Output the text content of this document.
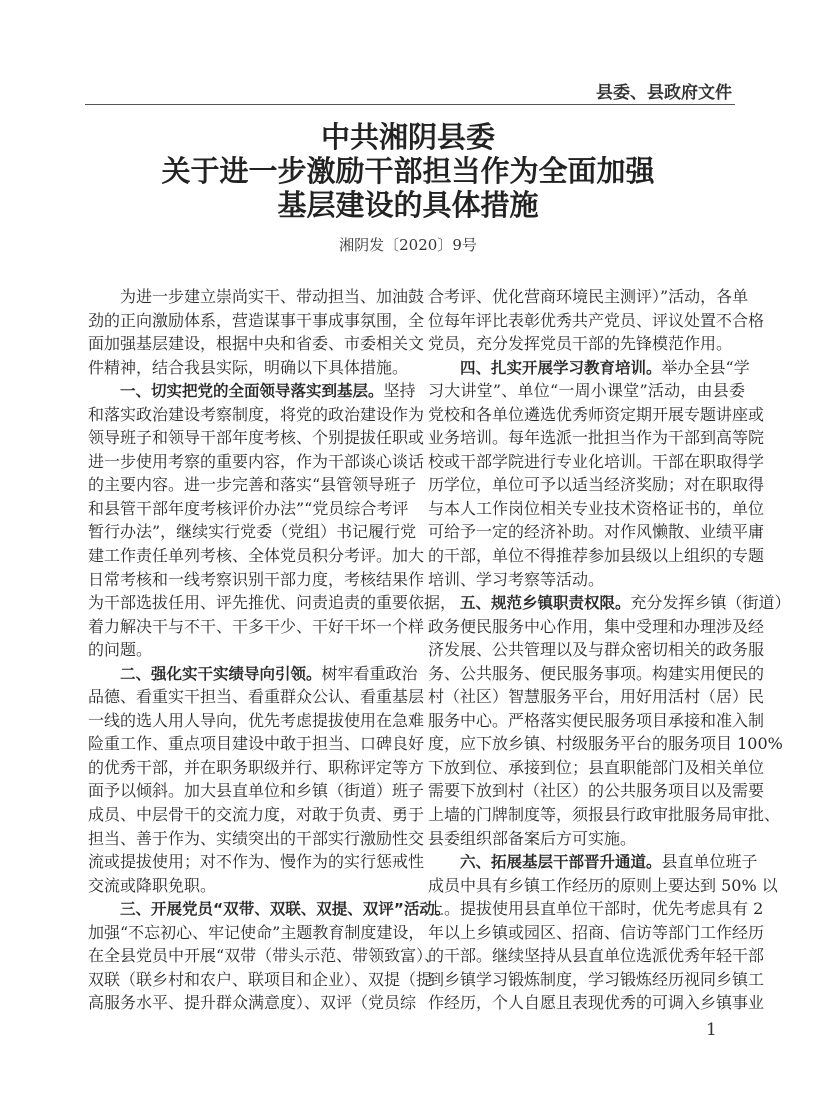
县委、县政府文件
中共湘阴县委
关于进一步激励干部担当作为全面加强
基层建设的具体措施
湘阴发〔2020〕9号
为进一步建立崇尚实干、带动担当、加油鼓
劲的正向激励体系，营造谋事干事成事氛围，全
面加强基层建设，根据中央和省委、市委相关文
件精神，结合我县实际，明确以下具体措施。
一、切实把党的全面领导落实到基层。坚持
和落实政治建设考察制度，将党的政治建设作为
领导班子和领导干部年度考核、个别提拔任职或
进一步使用考察的重要内容，作为干部谈心谈话
的主要内容。进一步完善和落实“县管领导班子
和县管干部年度考核评价办法”“党员综合考评
暂行办法”，继续实行党委（党组）书记履行党
建工作责任单列考核、全体党员积分考评。加大
日常考核和一线考察识别干部力度，考核结果作
为干部选拔任用、评先推优、问责追责的重要依据，
着力解决干与不干、干多干少、干好干坏一个样
的问题。
二、强化实干实绩导向引领。树牢看重政治
品德、看重实干担当、看重群众公认、看重基层
一线的选人用人导向，优先考虑提拔使用在急难
险重工作、重点项目建设中敢于担当、口碑良好
的优秀干部，并在职务职级并行、职称评定等方
面予以倾斜。加大县直单位和乡镇（街道）班子
成员、中层骨干的交流力度，对敢于负责、勇于
担当、善于作为、实绩突出的干部实行激励性交
流或提拔使用；对不作为、慢作为的实行惩戒性
交流或降职免职。
三、开展党员“双带、双联、双提、双评”活动。
加强“不忘初心、牢记使命”主题教育制度建设，
在全县党员中开展“双带（带头示范、带领致富）、
双联（联乡村和农户、联项目和企业）、双提（提
高服务水平、提升群众满意度）、双评（党员综
合考评、优化营商环境民主测评）”活动，各单
位每年评比表彰优秀共产党员、评议处置不合格
党员，充分发挥党员干部的先锋模范作用。
四、扎实开展学习教育培训。举办全县“学
习大讲堂”、单位“一周小课堂”活动，由县委
党校和各单位遴选优秀师资定期开展专题讲座或
业务培训。每年选派一批担当作为干部到高等院
校或干部学院进行专业化培训。干部在职取得学
历学位，单位可予以适当经济奖励；对在职取得
与本人工作岗位相关专业技术资格证书的，单位
可给予一定的经济补助。对作风懒散、业绩平庸
的干部，单位不得推荐参加县级以上组织的专题
培训、学习考察等活动。
五、规范乡镇职责权限。充分发挥乡镇（街道）
政务便民服务中心作用，集中受理和办理涉及经
济发展、公共管理以及与群众密切相关的政务服
务、公共服务、便民服务事项。构建实用便民的
村（社区）智慧服务平台，用好用活村（居）民
服务中心。严格落实便民服务项目承接和准入制
度，应下放乡镇、村级服务平台的服务项目 100%
下放到位、承接到位；县直职能部门及相关单位
需要下放到村（社区）的公共服务项目以及需要
上墙的门牌制度等，须报县行政审批服务局审批、
县委组织部备案后方可实施。
六、拓展基层干部晋升通道。县直单位班子
成员中具有乡镇工作经历的原则上要达到 50% 以
上。提拔使用县直单位干部时，优先考虑具有 2
年以上乡镇或园区、招商、信访等部门工作经历
的干部。继续坚持从县直单位选派优秀年轻干部
到乡镇学习锻炼制度，学习锻炼经历视同乡镇工
作经历，个人自愿且表现优秀的可调入乡镇事业
1
